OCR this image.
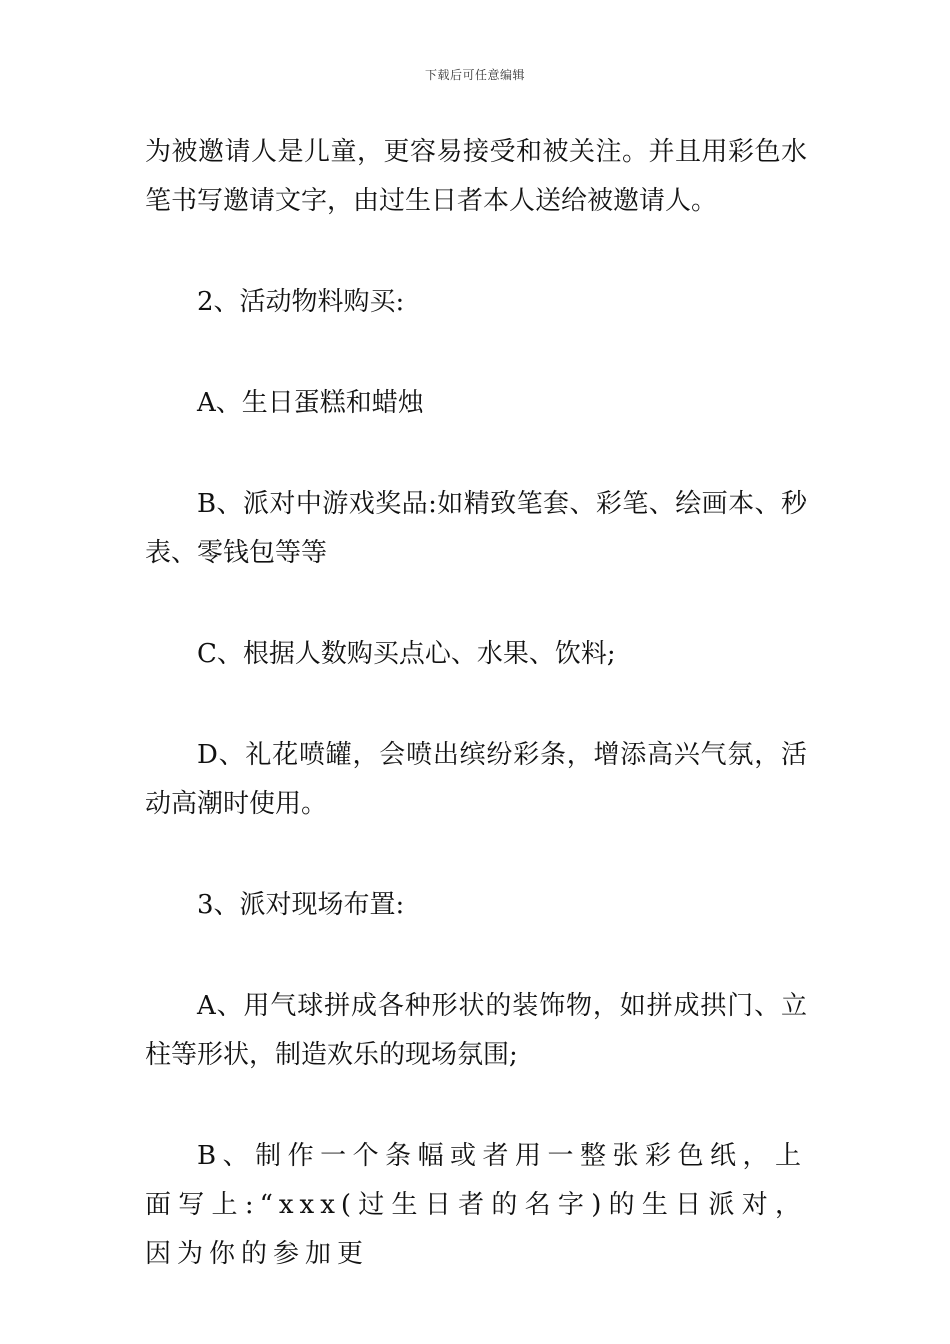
下载后可任意编辑

为被邀请人是儿童，更容易接受和被关注。并且用彩色水笔书写邀请文字，由过生日者本人送给被邀请人。

2、活动物料购买:

A、生日蛋糕和蜡烛

B、派对中游戏奖品:如精致笔套、彩笔、绘画本、秒表、零钱包等等

C、根据人数购买点心、水果、饮料;

D、礼花喷罐，会喷出缤纷彩条，增添高兴气氛，活动高潮时使用。

3、派对现场布置:

A、用气球拼成各种形状的装饰物，如拼成拱门、立柱等形状，制造欢乐的现场氛围;

B、制作一个条幅或者用一整张彩色纸，上面写上:“xxx(过生日者的名字)的生日派对，因为你的参加更
